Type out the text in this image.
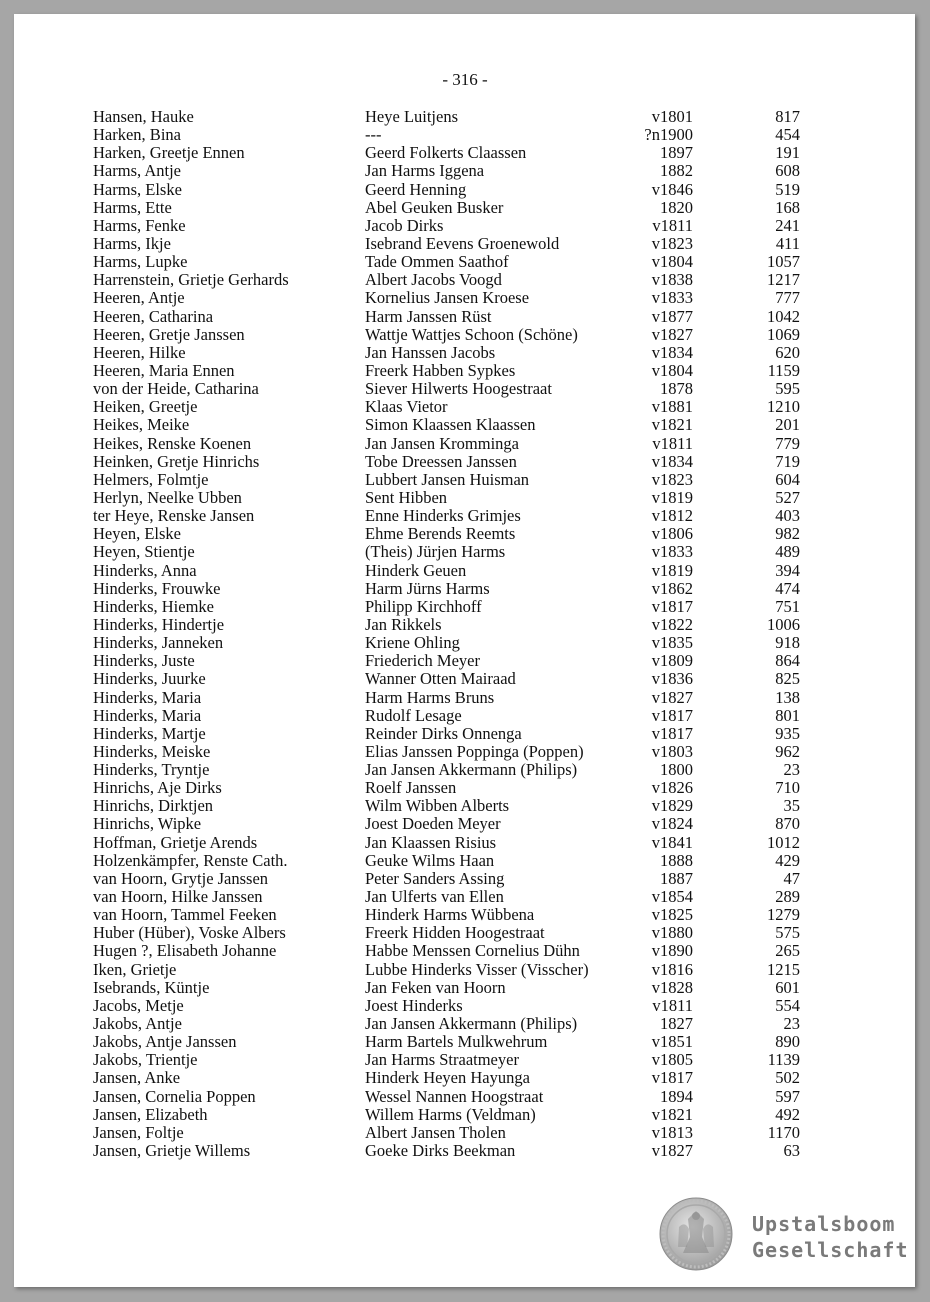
- 316 -
Hansen, Hauke	Heye Luitjens	v1801	817
Harken, Bina	---	?n1900	454
Harken, Greetje Ennen	Geerd Folkerts Claassen	1897	191
Harms, Antje	Jan Harms Iggena	1882	608
Harms, Elske	Geerd Henning	v1846	519
Harms, Ette	Abel Geuken Busker	1820	168
Harms, Fenke	Jacob Dirks	v1811	241
Harms, Ikje	Isebrand Eevens Groenewold	v1823	411
Harms, Lupke	Tade Ommen Saathof	v1804	1057
Harrenstein, Grietje Gerhards	Albert Jacobs Voogd	v1838	1217
Heeren, Antje	Kornelius Jansen Kroese	v1833	777
Heeren, Catharina	Harm Janssen Rüst	v1877	1042
Heeren, Gretje Janssen	Wattje Wattjes Schoon (Schöne)	v1827	1069
Heeren, Hilke	Jan Hanssen Jacobs	v1834	620
Heeren, Maria Ennen	Freerk Habben Sypkes	v1804	1159
von der Heide, Catharina	Siever Hilwerts Hoogestraat	1878	595
Heiken, Greetje	Klaas Vietor	v1881	1210
Heikes, Meike	Simon Klaassen Klaassen	v1821	201
Heikes, Renske Koenen	Jan Jansen Kromminga	v1811	779
Heinken, Gretje Hinrichs	Tobe Dreessen Janssen	v1834	719
Helmers, Folmtje	Lubbert Jansen Huisman	v1823	604
Herlyn, Neelke Ubben	Sent Hibben	v1819	527
ter Heye, Renske Jansen	Enne Hinderks Grimjes	v1812	403
Heyen, Elske	Ehme Berends Reemts	v1806	982
Heyen, Stientje	(Theis) Jürjen Harms	v1833	489
Hinderks, Anna	Hinderk Geuen	v1819	394
Hinderks, Frouwke	Harm Jürns Harms	v1862	474
Hinderks, Hiemke	Philipp Kirchhoff	v1817	751
Hinderks, Hindertje	Jan Rikkels	v1822	1006
Hinderks, Janneken	Kriene Ohling	v1835	918
Hinderks, Juste	Friederich Meyer	v1809	864
Hinderks, Juurke	Wanner Otten Mairaad	v1836	825
Hinderks, Maria	Harm Harms Bruns	v1827	138
Hinderks, Maria	Rudolf Lesage	v1817	801
Hinderks, Martje	Reinder Dirks Onnenga	v1817	935
Hinderks, Meiske	Elias Janssen Poppinga (Poppen)	v1803	962
Hinderks, Tryntje	Jan Jansen Akkermann (Philips)	1800	23
Hinrichs, Aje Dirks	Roelf Janssen	v1826	710
Hinrichs, Dirktjen	Wilm Wibben Alberts	v1829	35
Hinrichs, Wipke	Joest Doeden Meyer	v1824	870
Hoffman, Grietje Arends	Jan Klaassen Risius	v1841	1012
Holzenkämpfer, Renste Cath.	Geuke Wilms Haan	1888	429
van Hoorn, Grytje Janssen	Peter Sanders Assing	1887	47
van Hoorn, Hilke Janssen	Jan Ulferts van Ellen	v1854	289
van Hoorn, Tammel Feeken	Hinderk Harms Wübbena	v1825	1279
Huber (Hüber), Voske Albers	Freerk Hidden Hoogestraat	v1880	575
Hugen ?, Elisabeth Johanne	Habbe Menssen Cornelius Dühn	v1890	265
Iken, Grietje	Lubbe Hinderks Visser (Visscher)	v1816	1215
Isebrands, Küntje	Jan Feken van Hoorn	v1828	601
Jacobs, Metje	Joest Hinderks	v1811	554
Jakobs, Antje	Jan Jansen Akkermann (Philips)	1827	23
Jakobs, Antje Janssen	Harm Bartels Mulkwehrum	v1851	890
Jakobs, Trientje	Jan Harms Straatmeyer	v1805	1139
Jansen, Anke	Hinderk Heyen Hayunga	v1817	502
Jansen, Cornelia Poppen	Wessel Nannen Hoogstraat	1894	597
Jansen, Elizabeth	Willem Harms (Veldman)	v1821	492
Jansen, Foltje	Albert Jansen Tholen	v1813	1170
Jansen, Grietje Willems	Goeke Dirks Beekman	v1827	63
Upstalsboom
Gesellschaft
